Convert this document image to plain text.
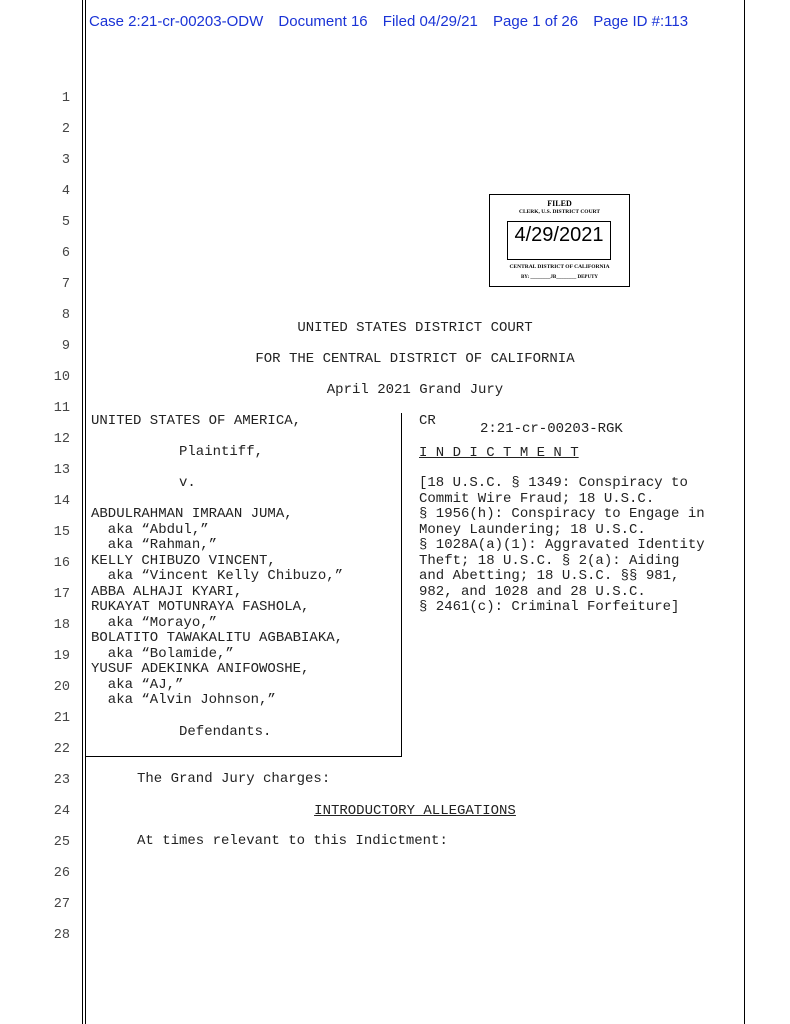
Case 2:21-cr-00203-ODW Document 16 Filed 04/29/21 Page 1 of 26 Page ID #:113
1
2
3
4
5
6
7
8
9
10
11
12
13
14
15
16
17
18
19
20
21
22
23
24
25
26
27
28
FILED
CLERK, U.S. DISTRICT COURT
4/29/2021
CENTRAL DISTRICT OF CALIFORNIA
BY: ________JB________ DEPUTY
UNITED STATES DISTRICT COURT
FOR THE CENTRAL DISTRICT OF CALIFORNIA
April 2021 Grand Jury
UNITED STATES OF AMERICA,
Plaintiff,
v.
ABDULRAHMAN IMRAAN JUMA,
aka “Abdul,”
aka “Rahman,”
KELLY CHIBUZO VINCENT,
aka “Vincent Kelly Chibuzo,”
ABBA ALHAJI KYARI,
RUKAYAT MOTUNRAYA FASHOLA,
aka “Morayo,”
BOLATITO TAWAKALITU AGBABIAKA,
aka “Bolamide,”
YUSUF ADEKINKA ANIFOWOSHE,
aka “AJ,”
aka “Alvin Johnson,”
Defendants.
CR	2:21-cr-00203-RGK
I N D I C T M E N T
[18 U.S.C. § 1349: Conspiracy to
Commit Wire Fraud; 18 U.S.C.
§ 1956(h): Conspiracy to Engage in
Money Laundering; 18 U.S.C.
§ 1028A(a)(1): Aggravated Identity
Theft; 18 U.S.C. § 2(a): Aiding
and Abetting; 18 U.S.C. §§ 981,
982, and 1028 and 28 U.S.C.
§ 2461(c): Criminal Forfeiture]
The Grand Jury charges:
INTRODUCTORY ALLEGATIONS
At times relevant to this Indictment:
